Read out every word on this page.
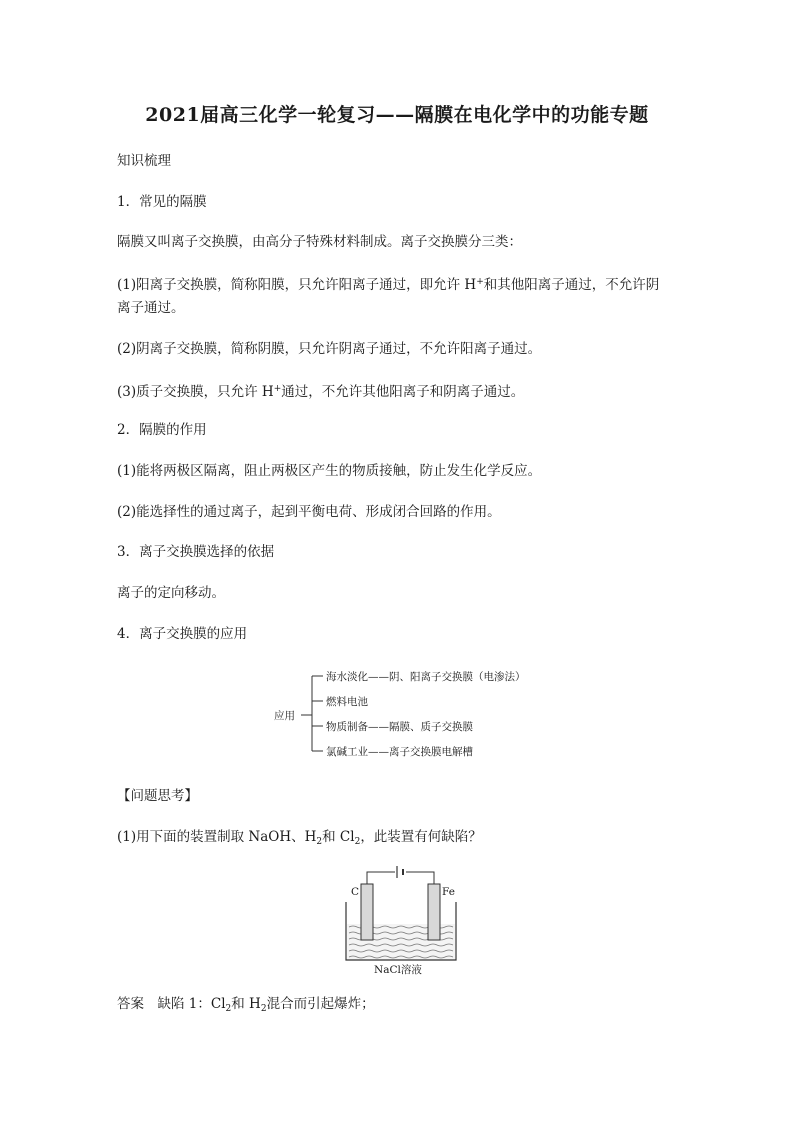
2021届高三化学一轮复习——隔膜在电化学中的功能专题
知识梳理
1．常见的隔膜
隔膜又叫离子交换膜，由高分子特殊材料制成。离子交换膜分三类：
(1)阳离子交换膜，简称阳膜，只允许阳离子通过，即允许 H+和其他阳离子通过，不允许阴
离子通过。
(2)阴离子交换膜，简称阴膜，只允许阴离子通过，不允许阳离子通过。
(3)质子交换膜，只允许 H+通过，不允许其他阳离子和阴离子通过。
2．隔膜的作用
(1)能将两极区隔离，阻止两极区产生的物质接触，防止发生化学反应。
(2)能选择性的通过离子，起到平衡电荷、形成闭合回路的作用。
3．离子交换膜选择的依据
离子的定向移动。
4．离子交换膜的应用
应用
海水淡化——阴、阳离子交换膜（电渗法）
燃料电池
物质制备——隔膜、质子交换膜
氯碱工业——离子交换膜电解槽
【问题思考】
(1)用下面的装置制取 NaOH、$H_2$和 $Cl_2$，此装置有何缺陷？
C	Fe
NaCl溶液
答案　缺陷 1：$Cl_2$和 $H_2$混合而引起爆炸；
